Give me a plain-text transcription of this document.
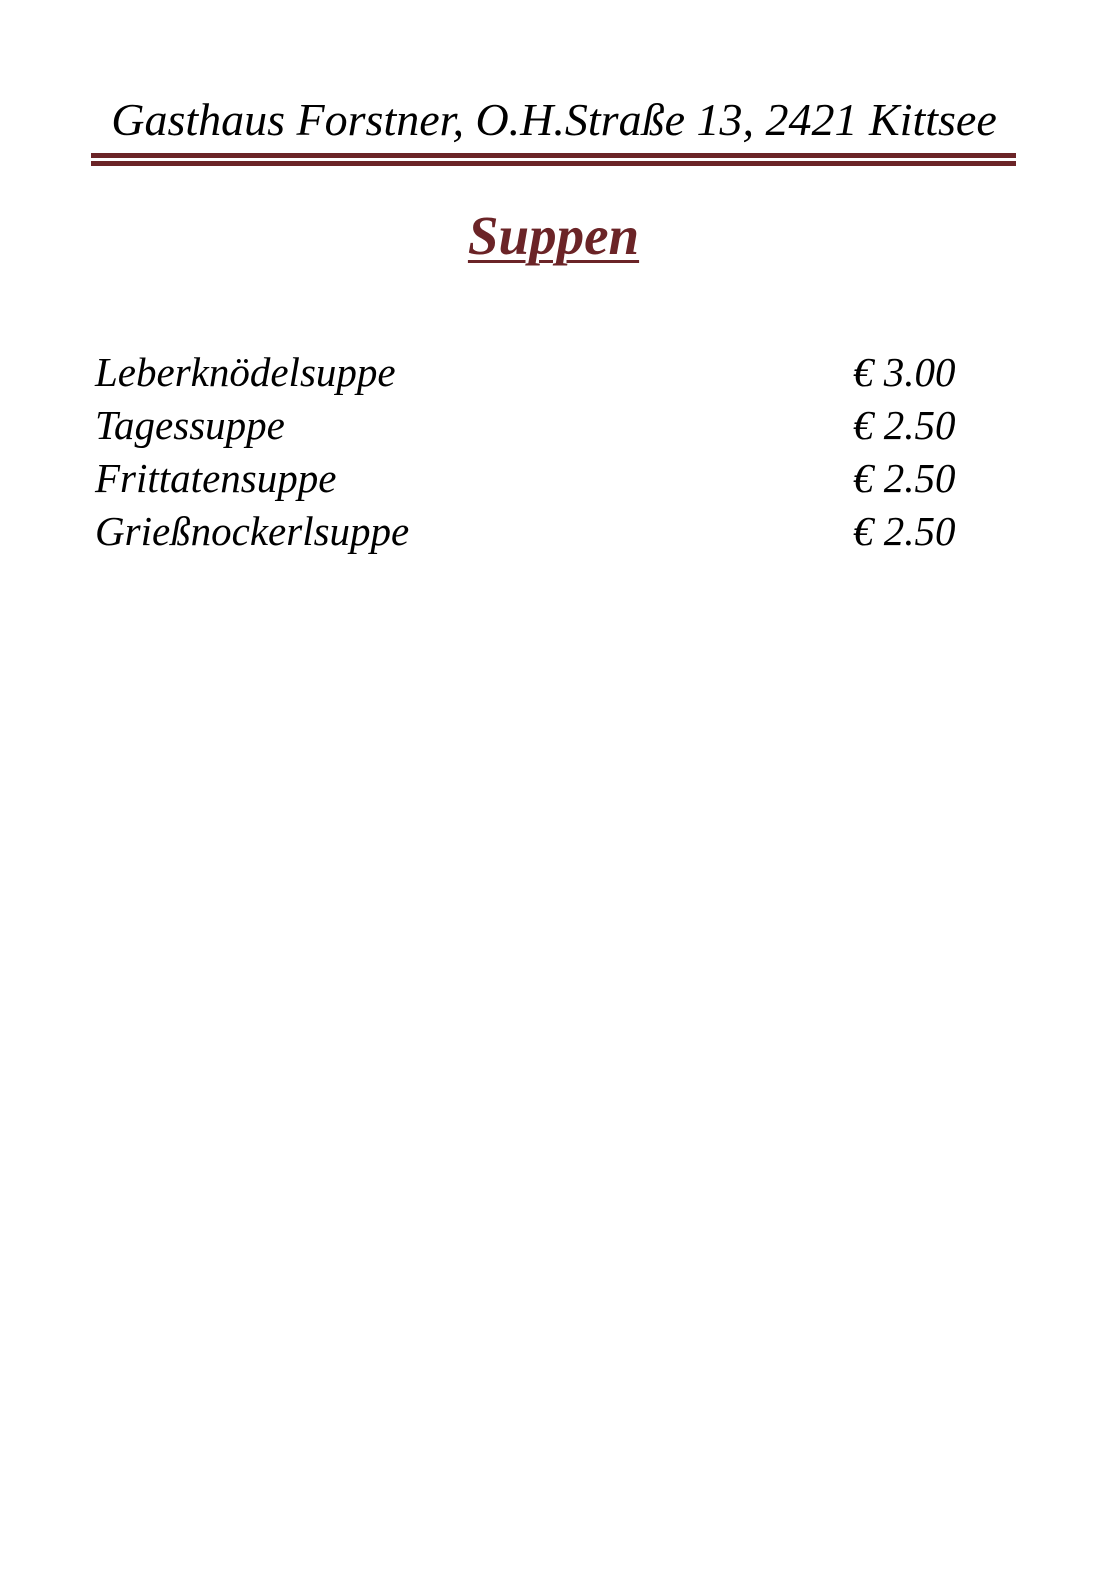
Gasthaus Forstner, O.H.Straße 13, 2421 Kittsee
Suppen
Leberknödelsuppe	€ 3.00
Tagessuppe	€ 2.50
Frittatensuppe	€ 2.50
Grießnockerlsuppe	€ 2.50
